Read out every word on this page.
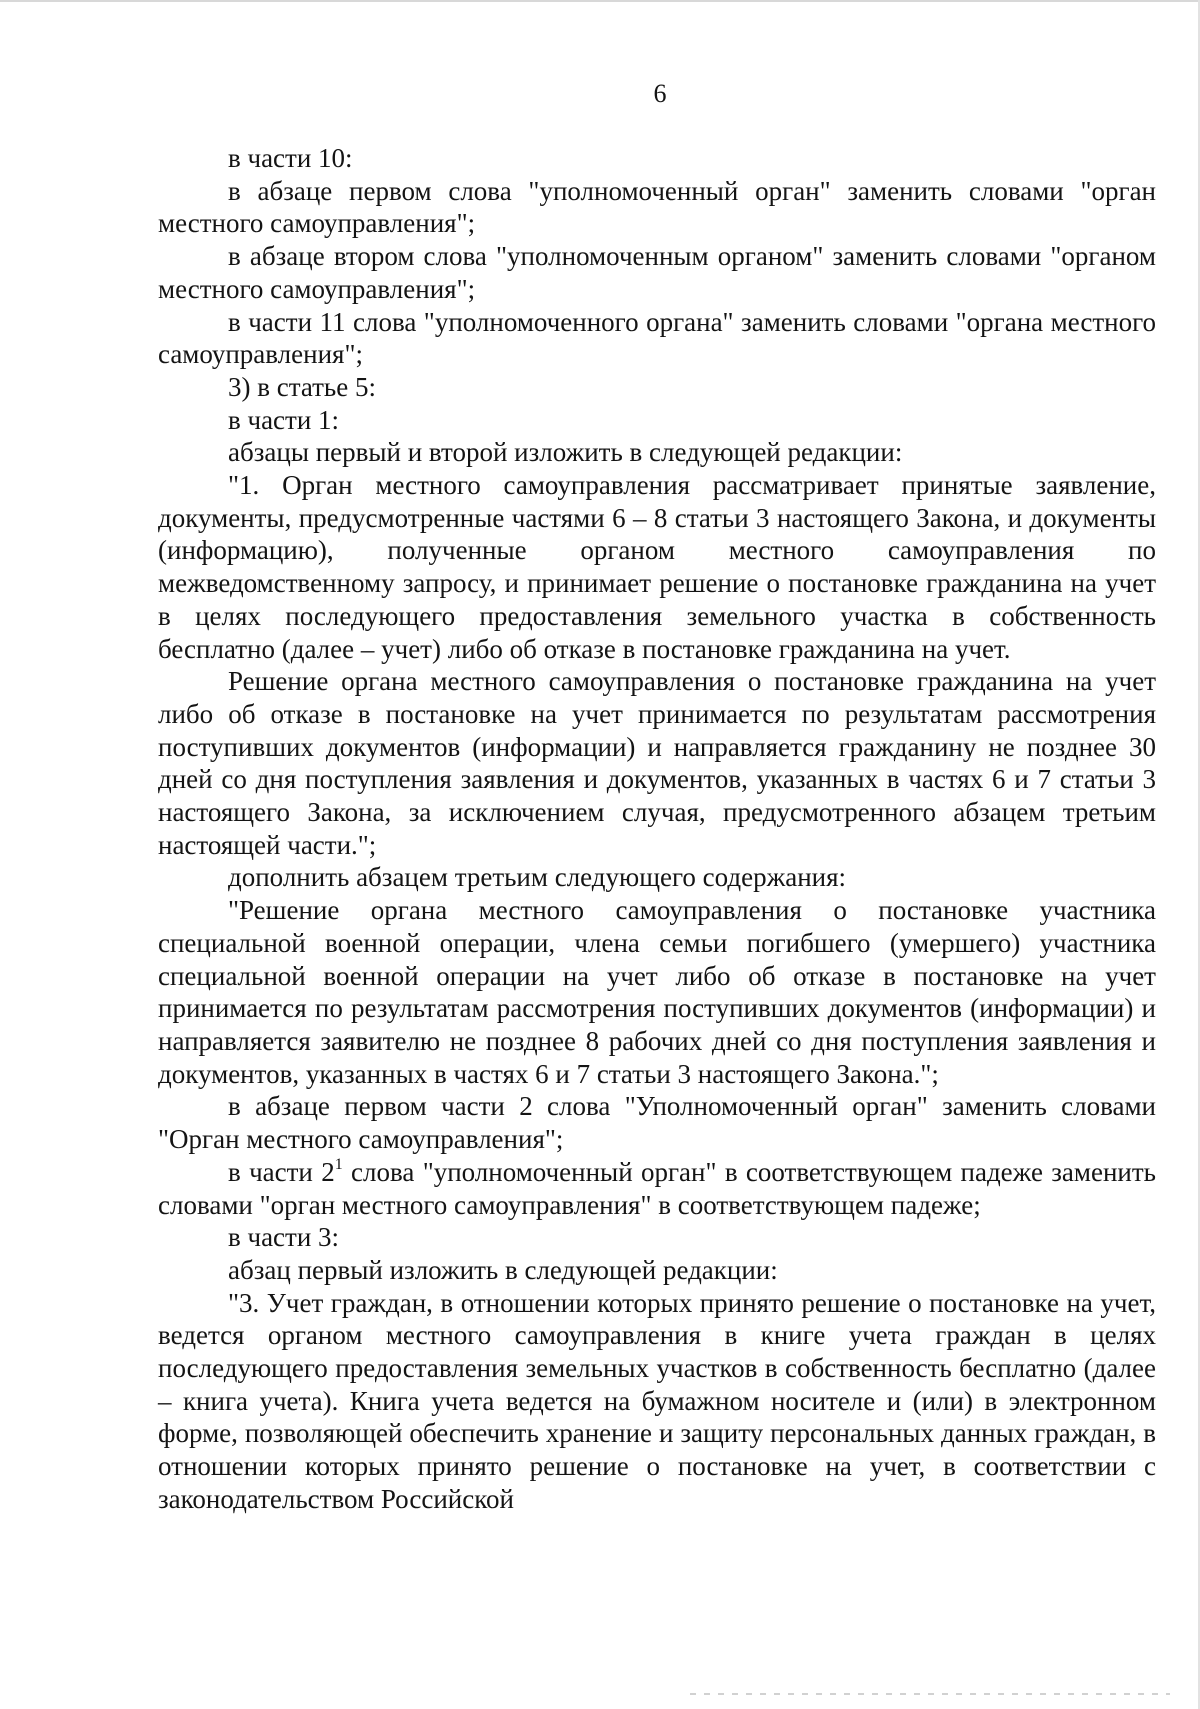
6

в части 10:

в абзаце первом слова "уполномоченный орган" заменить словами "орган местного самоуправления";

в абзаце втором слова "уполномоченным органом" заменить словами "органом местного самоуправления";

в части 11 слова "уполномоченного органа" заменить словами "органа местного самоуправления";

3) в статье 5:

в части 1:

абзацы первый и второй изложить в следующей редакции:

"1. Орган местного самоуправления рассматривает принятые заявление, документы, предусмотренные частями 6 – 8 статьи 3 настоящего Закона, и документы (информацию), полученные органом местного самоуправления по межведомственному запросу, и принимает решение о постановке гражданина на учет в целях последующего предоставления земельного участка в собственность бесплатно (далее – учет) либо об отказе в постановке гражданина на учет.

Решение органа местного самоуправления о постановке гражданина на учет либо об отказе в постановке на учет принимается по результатам рассмотрения поступивших документов (информации) и направляется гражданину не позднее 30 дней со дня поступления заявления и документов, указанных в частях 6 и 7 статьи 3 настоящего Закона, за исключением случая, предусмотренного абзацем третьим настоящей части.";

дополнить абзацем третьим следующего содержания:

"Решение органа местного самоуправления о постановке участника специальной военной операции, члена семьи погибшего (умершего) участника специальной военной операции на учет либо об отказе в постановке на учет принимается по результатам рассмотрения поступивших документов (информации) и направляется заявителю не позднее 8 рабочих дней со дня поступления заявления и документов, указанных в частях 6 и 7 статьи 3 настоящего Закона.";

в абзаце первом части 2 слова "Уполномоченный орган" заменить словами "Орган местного самоуправления";

в части $2^1$ слова "уполномоченный орган" в соответствующем падеже заменить словами "орган местного самоуправления" в соответствующем падеже;

в части 3:

абзац первый изложить в следующей редакции:

"3. Учет граждан, в отношении которых принято решение о постановке на учет, ведется органом местного самоуправления в книге учета граждан в целях последующего предоставления земельных участков в собственность бесплатно (далее – книга учета). Книга учета ведется на бумажном носителе и (или) в электронном форме, позволяющей обеспечить хранение и защиту персональных данных граждан, в отношении которых принято решение о постановке на учет, в соответствии с законодательством Российской
